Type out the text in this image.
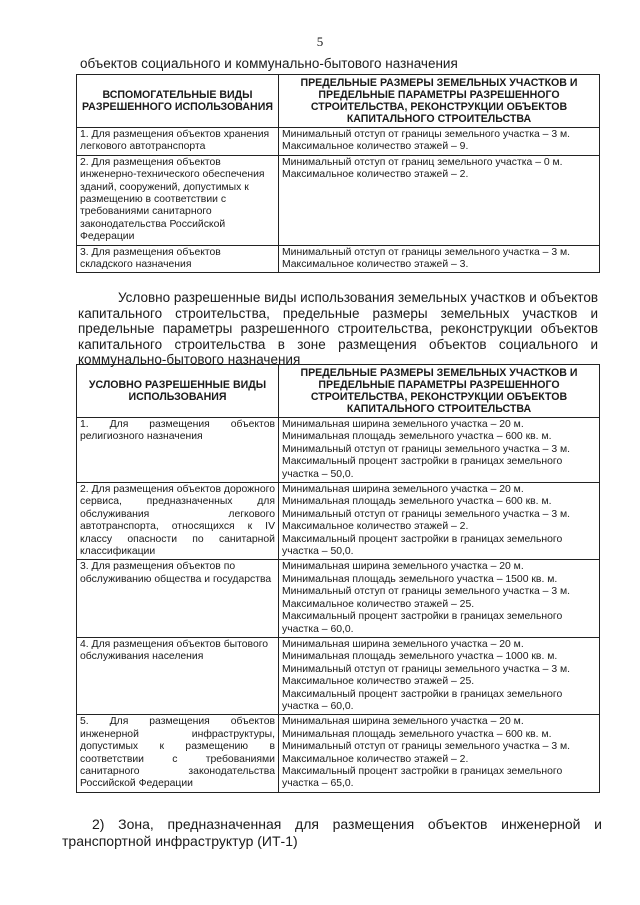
5
объектов социального и коммунально-бытового назначения
ВСПОМОГАТЕЛЬНЫЕ ВИДЫ РАЗРЕШЕННОГО ИСПОЛЬЗОВАНИЯ	ПРЕДЕЛЬНЫЕ РАЗМЕРЫ ЗЕМЕЛЬНЫХ УЧАСТКОВ И ПРЕДЕЛЬНЫЕ ПАРАМЕТРЫ РАЗРЕШЕННОГО СТРОИТЕЛЬСТВА, РЕКОНСТРУКЦИИ ОБЪЕКТОВ КАПИТАЛЬНОГО СТРОИТЕЛЬСТВА
1. Для размещения объектов хранения легкового автотранспорта	Минимальный отступ от границы земельного участка – 3 м.
Максимальное количество этажей – 9.

2. Для размещения объектов инженерно-технического обеспечения зданий, сооружений, допустимых к размещению в соответствии с требованиями санитарного законодательства Российской Федерации	Минимальный отступ от границ земельного участка – 0 м.
Максимальное количество этажей – 2.

3. Для размещения объектов складского назначения	Минимальный отступ от границы земельного участка – 3 м.
Максимальное количество этажей – 3.
Условно разрешенные виды использования земельных участков и объектов капитального строительства, предельные размеры земельных участков и предельные параметры разрешенного строительства, реконструкции объектов капитального строительства в зоне размещения объектов социального и коммунально-бытового назначения
УСЛОВНО РАЗРЕШЕННЫЕ ВИДЫ ИСПОЛЬЗОВАНИЯ	ПРЕДЕЛЬНЫЕ РАЗМЕРЫ ЗЕМЕЛЬНЫХ УЧАСТКОВ И ПРЕДЕЛЬНЫЕ ПАРАМЕТРЫ РАЗРЕШЕННОГО СТРОИТЕЛЬСТВА, РЕКОНСТРУКЦИИ ОБЪЕКТОВ КАПИТАЛЬНОГО СТРОИТЕЛЬСТВА
1. Для размещения объектов религиозного назначения	Минимальная ширина земельного участка – 20 м.
Минимальная площадь земельного участка – 600 кв. м.
Минимальный отступ от границы земельного участка – 3 м.
Максимальный процент застройки в границах земельного участка – 50,0.

2. Для размещения объектов дорожного сервиса, предназначенных для обслуживания легкового автотранспорта, относящихся к IV классу опасности по санитарной классификации	Минимальная ширина земельного участка – 20 м.
Минимальная площадь земельного участка – 600 кв. м.
Минимальный отступ от границы земельного участка – 3 м.
Максимальное количество этажей – 2.
Максимальный процент застройки в границах земельного участка – 50,0.

3. Для размещения объектов по обслуживанию общества и государства	Минимальная ширина земельного участка – 20 м.
Минимальная площадь земельного участка – 1500 кв. м.
Минимальный отступ от границы земельного участка – 3 м.
Максимальное количество этажей – 25.
Максимальный процент застройки в границах земельного участка – 60,0.

4. Для размещения объектов бытового обслуживания населения	Минимальная ширина земельного участка – 20 м.
Минимальная площадь земельного участка – 1000 кв. м.
Минимальный отступ от границы земельного участка – 3 м.
Максимальное количество этажей – 25.
Максимальный процент застройки в границах земельного участка – 60,0.

5. Для размещения объектов инженерной инфраструктуры, допустимых к размещению в соответствии с требованиями санитарного законодательства Российской Федерации	Минимальная ширина земельного участка – 20 м.
Минимальная площадь земельного участка – 600 кв. м.
Минимальный отступ от границы земельного участка – 3 м.
Максимальное количество этажей – 2.
Максимальный процент застройки в границах земельного участка – 65,0.
2) Зона, предназначенная для размещения объектов инженерной и транспортной инфраструктур (ИТ-1)
